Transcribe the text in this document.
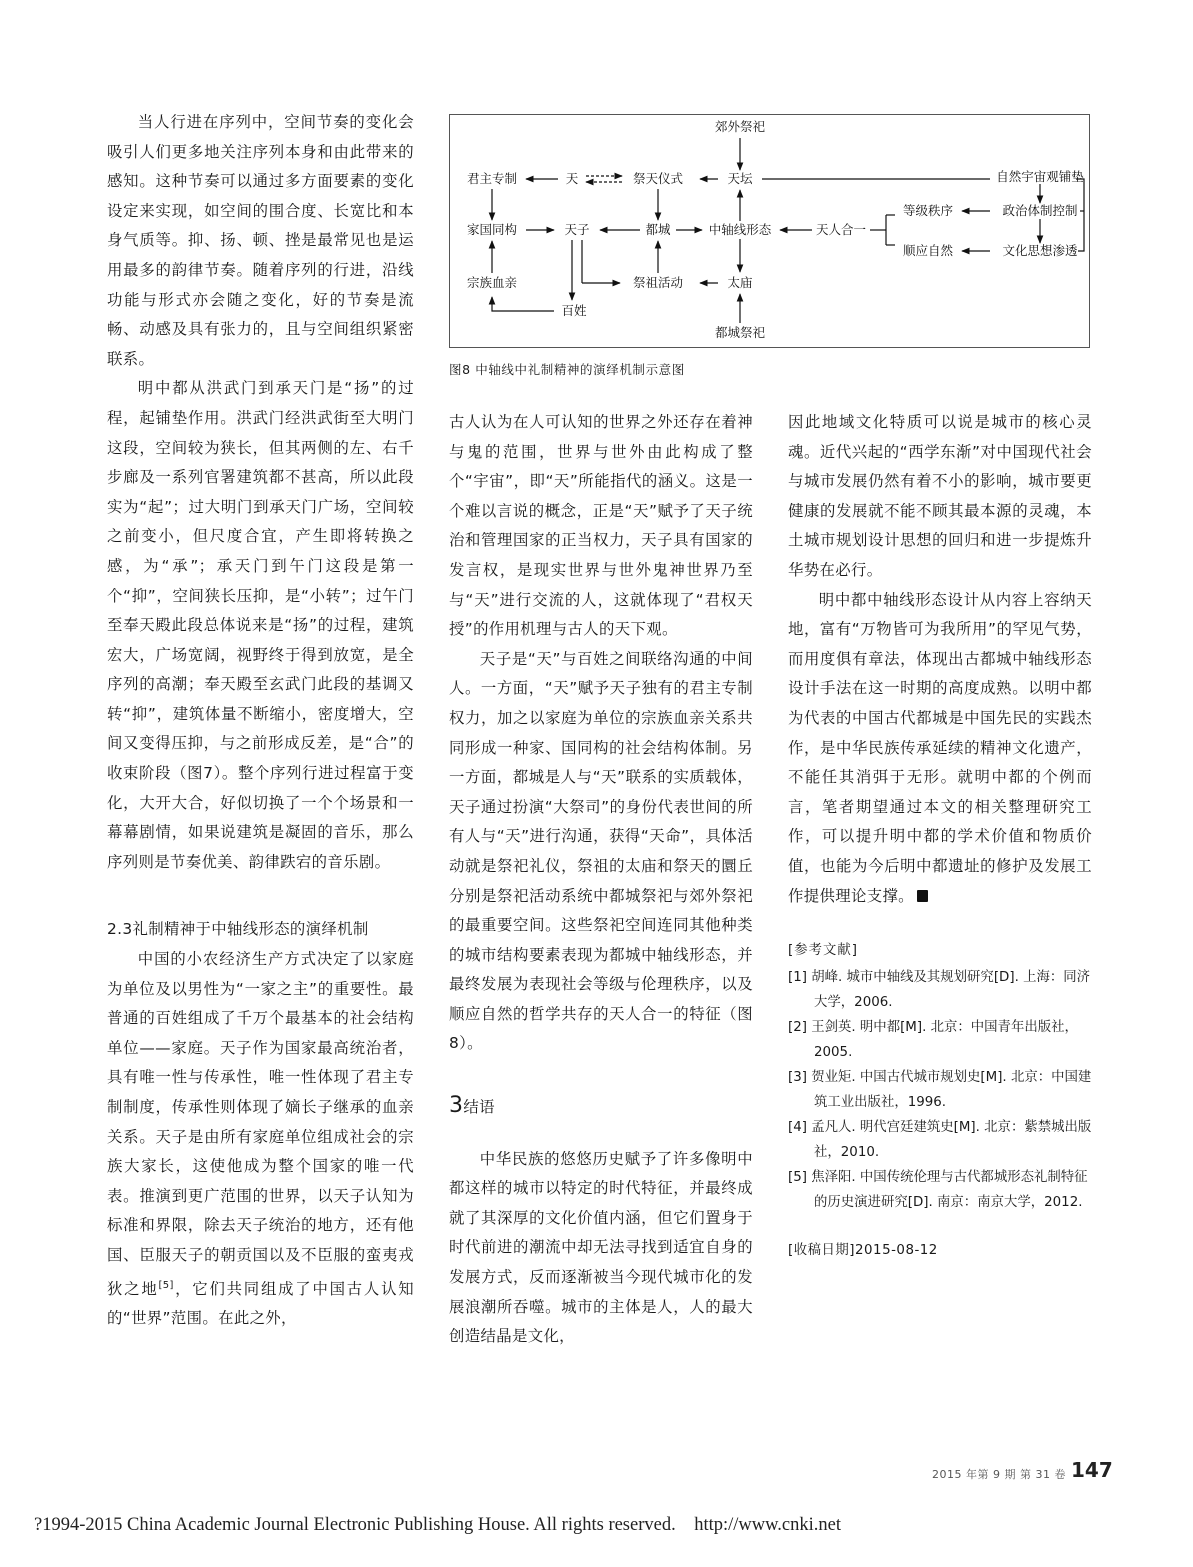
当人行进在序列中，空间节奏的变化会吸引人们更多地关注序列本身和由此带来的感知。这种节奏可以通过多方面要素的变化设定来实现，如空间的围合度、长宽比和本身气质等。抑、扬、顿、挫是最常见也是运用最多的韵律节奏。随着序列的行进，沿线功能与形式亦会随之变化，好的节奏是流畅、动感及具有张力的，且与空间组织紧密联系。

明中都从洪武门到承天门是“扬”的过程，起铺垫作用。洪武门经洪武街至大明门这段，空间较为狭长，但其两侧的左、右千步廊及一系列官署建筑都不甚高，所以此段实为“起”；过大明门到承天门广场，空间较之前变小，但尺度合宜，产生即将转换之感，为“承”；承天门到午门这段是第一个“抑”，空间狭长压抑，是“小转”；过午门至奉天殿此段总体说来是“扬”的过程，建筑宏大，广场宽阔，视野终于得到放宽，是全序列的高潮；奉天殿至玄武门此段的基调又转“抑”，建筑体量不断缩小，密度增大，空间又变得压抑，与之前形成反差，是“合”的收束阶段（图7）。整个序列行进过程富于变化，大开大合，好似切换了一个个场景和一幕幕剧情，如果说建筑是凝固的音乐，那么序列则是节奏优美、韵律跌宕的音乐剧。

2.3礼制精神于中轴线形态的演绎机制

中国的小农经济生产方式决定了以家庭为单位及以男性为“一家之主”的重要性。最普通的百姓组成了千万个最基本的社会结构单位——家庭。天子作为国家最高统治者，具有唯一性与传承性，唯一性体现了君主专制制度，传承性则体现了嫡长子继承的血亲关系。天子是由所有家庭单位组成社会的宗族大家长，这使他成为整个国家的唯一代表。推演到更广范围的世界，以天子认知为标准和界限，除去天子统治的地方，还有他国、臣服天子的朝贡国以及不臣服的蛮夷戎狄之地[5]，它们共同组成了中国古人认知的“世界”范围。在此之外，

郊外祭祀
君主专制	天	祭天仪式	天坛	自然宇宙观铺垫
家国同构	天子	都城	中轴线形态	天人合一
等级秩序	政治体制控制
顺应自然	文化思想渗透
宗族血亲	祭祖活动	太庙
百姓
都城祭祀
图8 中轴线中礼制精神的演绎机制示意图

古人认为在人可认知的世界之外还存在着神与鬼的范围，世界与世外由此构成了整个“宇宙”，即“天”所能指代的涵义。这是一个难以言说的概念，正是“天”赋予了天子统治和管理国家的正当权力，天子具有国家的发言权，是现实世界与世外鬼神世界乃至与“天”进行交流的人，这就体现了“君权天授”的作用机理与古人的天下观。

天子是“天”与百姓之间联络沟通的中间人。一方面，“天”赋予天子独有的君主专制权力，加之以家庭为单位的宗族血亲关系共同形成一种家、国同构的社会结构体制。另一方面，都城是人与“天”联系的实质载体，天子通过扮演“大祭司”的身份代表世间的所有人与“天”进行沟通，获得“天命”，具体活动就是祭祀礼仪，祭祖的太庙和祭天的圜丘分别是祭祀活动系统中都城祭祀与郊外祭祀的最重要空间。这些祭祀空间连同其他种类的城市结构要素表现为都城中轴线形态，并最终发展为表现社会等级与伦理秩序，以及顺应自然的哲学共存的天人合一的特征（图8）。

3结语

中华民族的悠悠历史赋予了许多像明中都这样的城市以特定的时代特征，并最终成就了其深厚的文化价值内涵，但它们置身于时代前进的潮流中却无法寻找到适宜自身的发展方式，反而逐渐被当今现代城市化的发展浪潮所吞噬。城市的主体是人，人的最大创造结晶是文化，

因此地域文化特质可以说是城市的核心灵魂。近代兴起的“西学东渐”对中国现代社会与城市发展仍然有着不小的影响，城市要更健康的发展就不能不顾其最本源的灵魂，本土城市规划设计思想的回归和进一步提炼升华势在必行。

明中都中轴线形态设计从内容上容纳天地，富有“万物皆可为我所用”的罕见气势，而用度俱有章法，体现出古都城中轴线形态设计手法在这一时期的高度成熟。以明中都为代表的中国古代都城是中国先民的实践杰作，是中华民族传承延续的精神文化遗产，不能任其消弭于无形。就明中都的个例而言，笔者期望通过本文的相关整理研究工作，可以提升明中都的学术价值和物质价值，也能为今后明中都遗址的修护及发展工作提供理论支撑。

[参考文献]
[1] 胡峰. 城市中轴线及其规划研究[D]. 上海：同济大学，2006.
[2] 王剑英. 明中都[M]. 北京：中国青年出版社，2005.
[3] 贺业矩. 中国古代城市规划史[M]. 北京：中国建筑工业出版社，1996.
[4] 孟凡人. 明代宫廷建筑史[M]. 北京：紫禁城出版社，2010.
[5] 焦泽阳. 中国传统伦理与古代都城形态礼制特征的历史演进研究[D]. 南京：南京大学，2012.
[收稿日期]2015-08-12
2015 年第 9 期 第 31 卷 147
?1994-2015 China Academic Journal Electronic Publishing House. All rights reserved.    http://www.cnki.net
